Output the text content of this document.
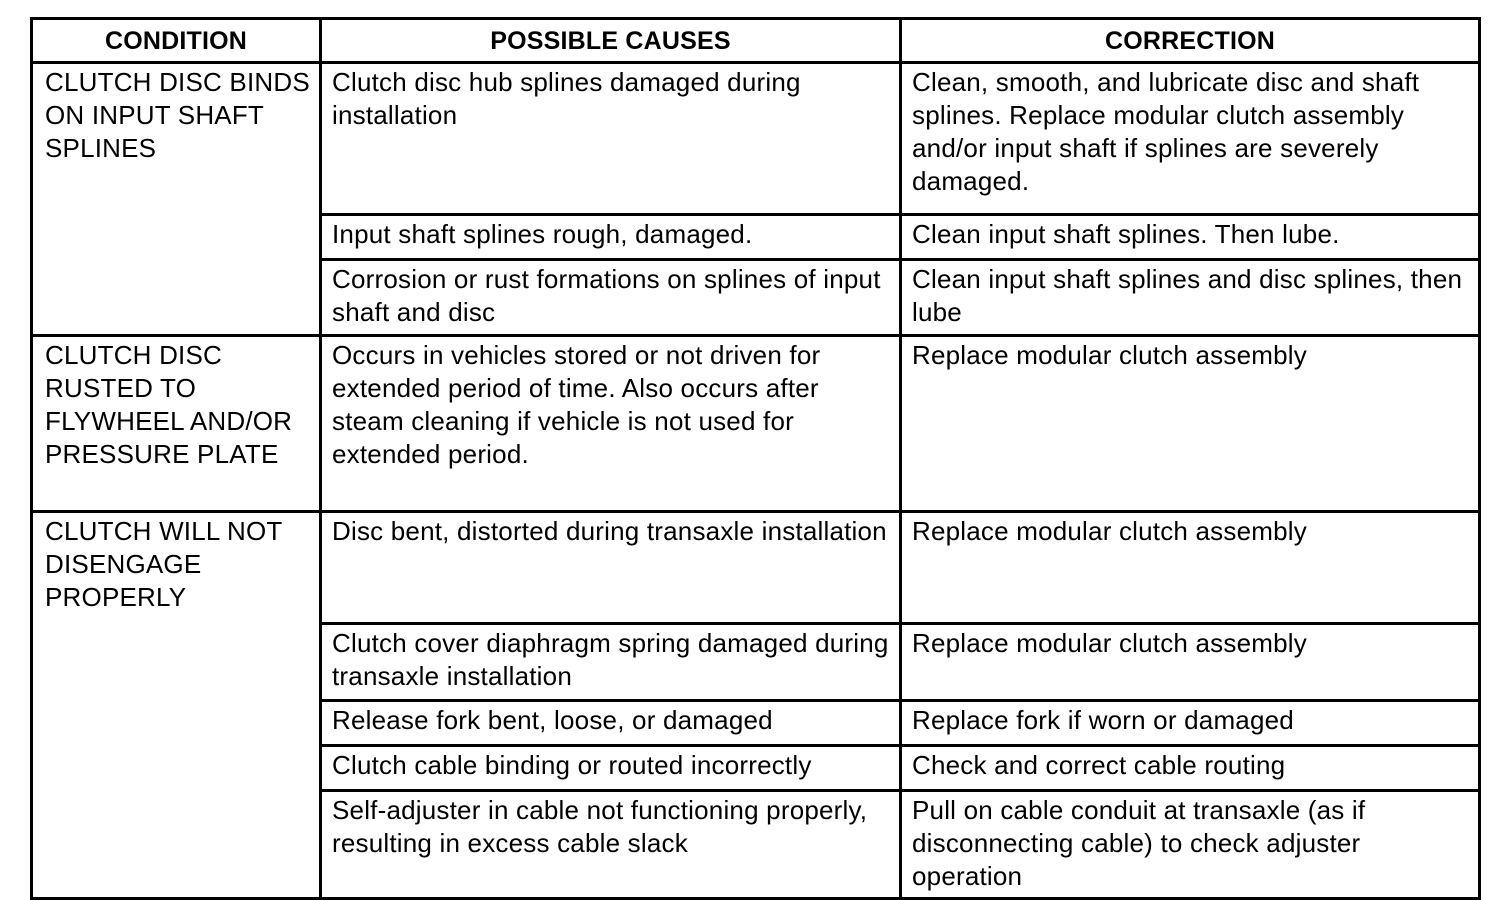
CONDITION	POSSIBLE CAUSES	CORRECTION
CLUTCH DISC BINDS ON INPUT SHAFT SPLINES	Clutch disc hub splines damaged during installation	Clean, smooth, and lubricate disc and shaft splines. Replace modular clutch assembly and/or input shaft if splines are severely damaged.
	Input shaft splines rough, damaged.	Clean input shaft splines. Then lube.
	Corrosion or rust formations on splines of input shaft and disc	Clean input shaft splines and disc splines, then lube
CLUTCH DISC RUSTED TO FLYWHEEL AND/OR PRESSURE PLATE	Occurs in vehicles stored or not driven for extended period of time. Also occurs after steam cleaning if vehicle is not used for extended period.	Replace modular clutch assembly
CLUTCH WILL NOT DISENGAGE PROPERLY	Disc bent, distorted during transaxle installation	Replace modular clutch assembly
	Clutch cover diaphragm spring damaged during transaxle installation	Replace modular clutch assembly
	Release fork bent, loose, or damaged	Replace fork if worn or damaged
	Clutch cable binding or routed incorrectly	Check and correct cable routing
	Self-adjuster in cable not functioning properly, resulting in excess cable slack	Pull on cable conduit at transaxle (as if disconnecting cable) to check adjuster operation
